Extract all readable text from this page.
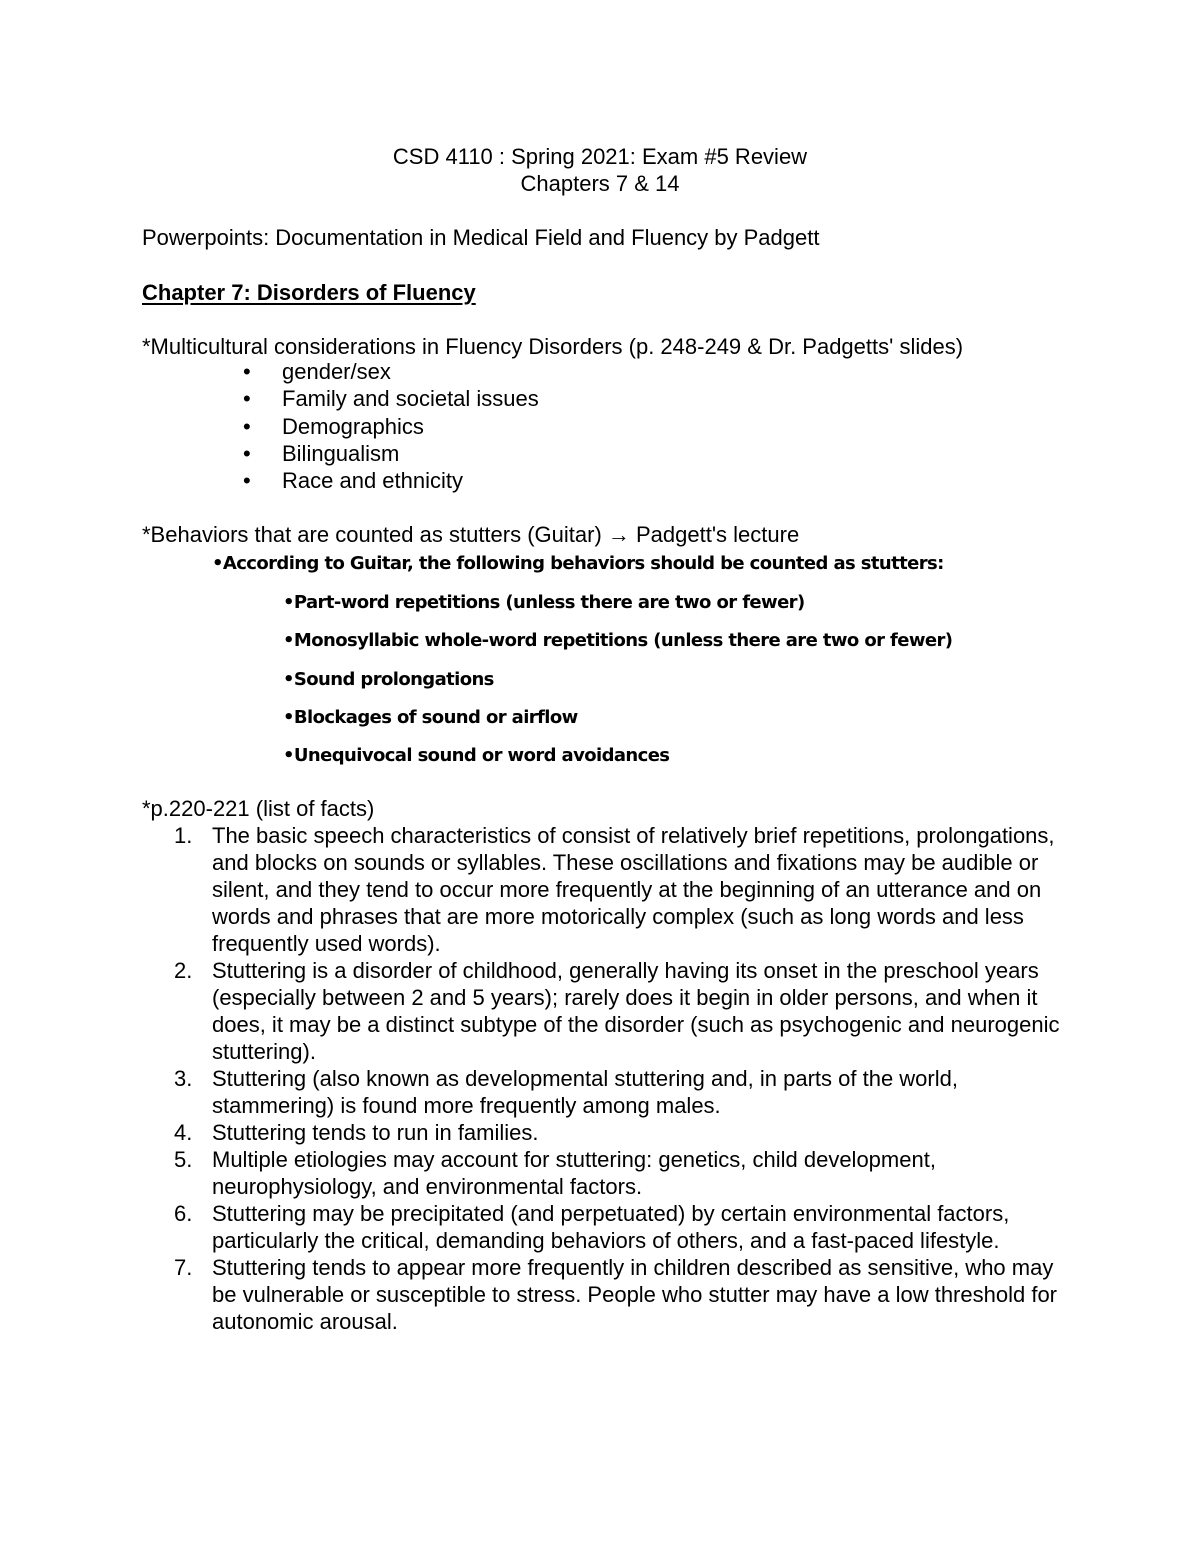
CSD 4110 : Spring 2021: Exam #5 Review
Chapters 7 & 14
Powerpoints: Documentation in Medical Field and Fluency by Padgett
Chapter 7: Disorders of Fluency
*Multicultural considerations in Fluency Disorders (p. 248-249 & Dr. Padgetts' slides)
• gender/sex
• Family and societal issues
• Demographics
• Bilingualism
• Race and ethnicity
*Behaviors that are counted as stutters (Guitar) → Padgett's lecture
•According to Guitar, the following behaviors should be counted as stutters:
•Part-word repetitions (unless there are two or fewer)
•Monosyllabic whole-word repetitions (unless there are two or fewer)
•Sound prolongations
•Blockages of sound or airflow
•Unequivocal sound or word avoidances
*p.220-221 (list of facts)
1. The basic speech characteristics of consist of relatively brief repetitions, prolongations, and blocks on sounds or syllables. These oscillations and fixations may be audible or silent, and they tend to occur more frequently at the beginning of an utterance and on words and phrases that are more motorically complex (such as long words and less frequently used words).
2. Stuttering is a disorder of childhood, generally having its onset in the preschool years (especially between 2 and 5 years); rarely does it begin in older persons, and when it does, it may be a distinct subtype of the disorder (such as psychogenic and neurogenic stuttering).
3. Stuttering (also known as developmental stuttering and, in parts of the world, stammering) is found more frequently among males.
4. Stuttering tends to run in families.
5. Multiple etiologies may account for stuttering: genetics, child development, neurophysiology, and environmental factors.
6. Stuttering may be precipitated (and perpetuated) by certain environmental factors, particularly the critical, demanding behaviors of others, and a fast-paced lifestyle.
7. Stuttering tends to appear more frequently in children described as sensitive, who may be vulnerable or susceptible to stress. People who stutter may have a low threshold for autonomic arousal.
